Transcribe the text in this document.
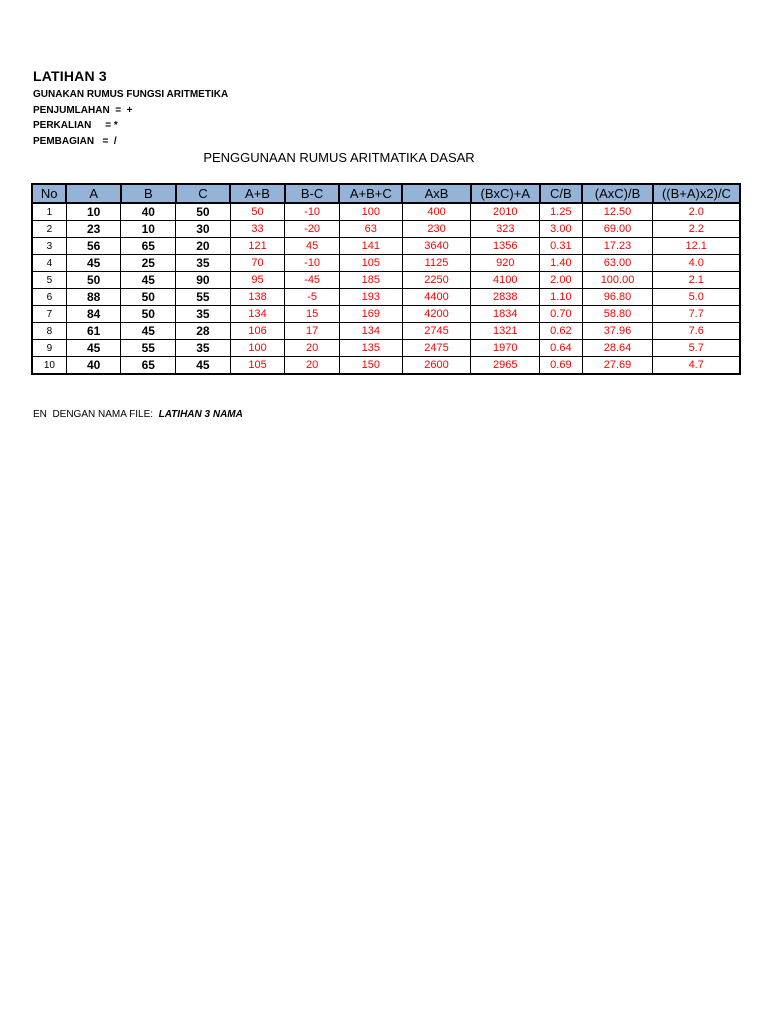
LATIHAN 3
GUNAKAN RUMUS FUNGSI ARITMETIKA
PENJUMLAHAN  =  +
PERKALIAN     = *
PEMBAGIAN   =  /
PENGGUNAAN RUMUS ARITMATIKA DASAR
No	A	B	C	A+B	B-C	A+B+C	AxB	(BxC)+A	C/B	(AxC)/B	((B+A)x2)/C
1	10	40	50	50	-10	100	400	2010	1.25	12.50	2.0
2	23	10	30	33	-20	63	230	323	3.00	69.00	2.2
3	56	65	20	121	45	141	3640	1356	0.31	17.23	12.1
4	45	25	35	70	-10	105	1125	920	1.40	63.00	4.0
5	50	45	90	95	-45	185	2250	4100	2.00	100.00	2.1
6	88	50	55	138	-5	193	4400	2838	1.10	96.80	5.0
7	84	50	35	134	15	169	4200	1834	0.70	58.80	7.7
8	61	45	28	106	17	134	2745	1321	0.62	37.96	7.6
9	45	55	35	100	20	135	2475	1970	0.64	28.64	5.7
10	40	65	45	105	20	150	2600	2965	0.69	27.69	4.7
EN  DENGAN NAMA FILE:  LATIHAN 3 NAMA
